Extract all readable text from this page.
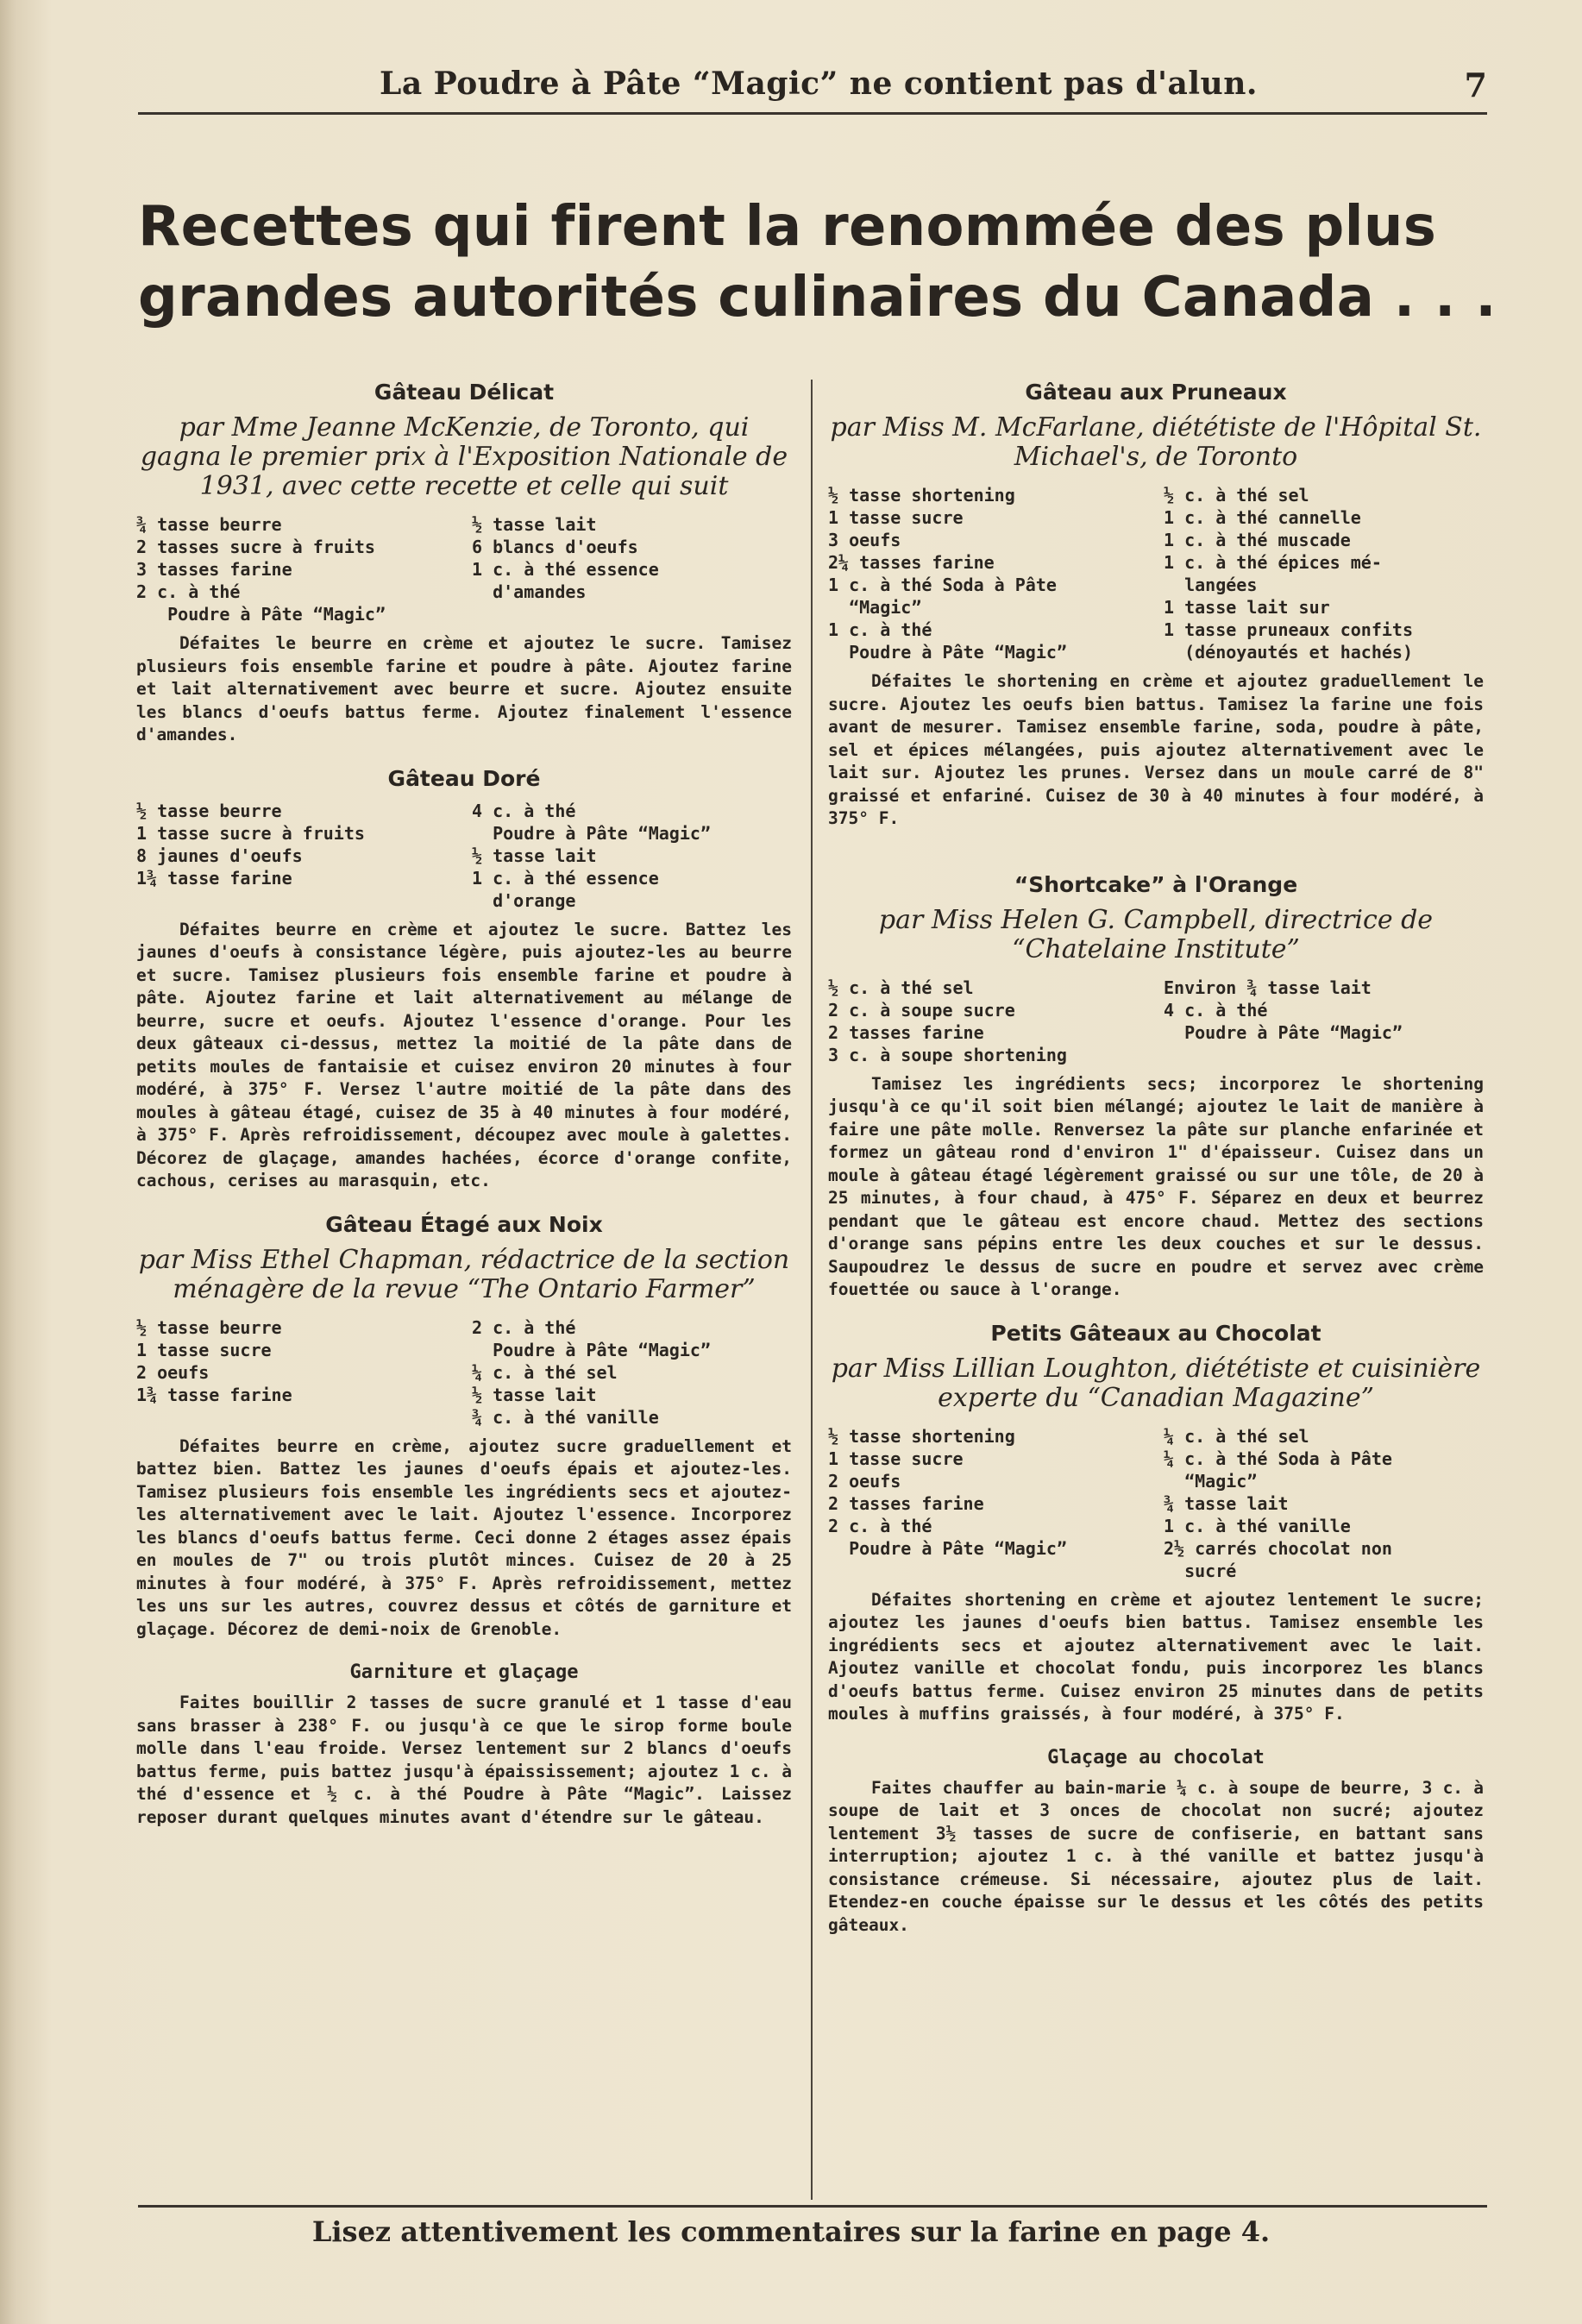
La Poudre à Pâte “Magic” ne contient pas d'alun.	7
Recettes qui firent la renommée des plus grandes autorités culinaires du Canada . . .
Gâteau Délicat
par Mme Jeanne McKenzie, de Toronto, qui gagna le premier prix à l'Exposition Nationale de 1931, avec cette recette et celle qui suit
¾ tasse beurre
2 tasses sucre à fruits
3 tasses farine
2 c. à thé
Poudre à Pâte “Magic”
½ tasse lait
6 blancs d'oeufs
1 c. à thé essence
d'amandes

Défaites le beurre en crème et ajoutez le sucre. Tamisez plusieurs fois ensemble farine et poudre à pâte. Ajoutez farine et lait alternativement avec beurre et sucre. Ajoutez ensuite les blancs d'oeufs battus ferme. Ajoutez finalement l'essence d'amandes.

Gâteau Doré
½ tasse beurre
1 tasse sucre à fruits
8 jaunes d'oeufs
1¾ tasse farine
4 c. à thé
Poudre à Pâte “Magic”
½ tasse lait
1 c. à thé essence
d'orange

Défaites beurre en crème et ajoutez le sucre. Battez les jaunes d'oeufs à consistance légère, puis ajoutez-les au beurre et sucre. Tamisez plusieurs fois ensemble farine et poudre à pâte. Ajoutez farine et lait alternativement au mélange de beurre, sucre et oeufs. Ajoutez l'essence d'orange. Pour les deux gâteaux ci-dessus, mettez la moitié de la pâte dans de petits moules de fantaisie et cuisez environ 20 minutes à four modéré, à 375° F. Versez l'autre moitié de la pâte dans des moules à gâteau étagé, cuisez de 35 à 40 minutes à four modéré, à 375° F. Après refroidissement, découpez avec moule à galettes. Décorez de glaçage, amandes hachées, écorce d'orange confite, cachous, cerises au marasquin, etc.

Gâteau Étagé aux Noix
par Miss Ethel Chapman, rédactrice de la section ménagère de la revue “The Ontario Farmer”
½ tasse beurre
1 tasse sucre
2 oeufs
1¾ tasse farine
2 c. à thé
Poudre à Pâte “Magic”
¼ c. à thé sel
½ tasse lait
¾ c. à thé vanille

Défaites beurre en crème, ajoutez sucre graduellement et battez bien. Battez les jaunes d'oeufs épais et ajoutez-les. Tamisez plusieurs fois ensemble les ingrédients secs et ajoutez-les alternativement avec le lait. Ajoutez l'essence. Incorporez les blancs d'oeufs battus ferme. Ceci donne 2 étages assez épais en moules de 7" ou trois plutôt minces. Cuisez de 20 à 25 minutes à four modéré, à 375° F. Après refroidissement, mettez les uns sur les autres, couvrez dessus et côtés de garniture et glaçage. Décorez de demi-noix de Grenoble.

Garniture et glaçage

Faites bouillir 2 tasses de sucre granulé et 1 tasse d'eau sans brasser à 238° F. ou jusqu'à ce que le sirop forme boule molle dans l'eau froide. Versez lentement sur 2 blancs d'oeufs battus ferme, puis battez jusqu'à épaississement; ajoutez 1 c. à thé d'essence et ½ c. à thé Poudre à Pâte “Magic”. Laissez reposer durant quelques minutes avant d'étendre sur le gâteau.

Gâteau aux Pruneaux
par Miss M. McFarlane, diététiste de l'Hôpital St. Michael's, de Toronto
½ tasse shortening
1 tasse sucre
3 oeufs
2¼ tasses farine
1 c. à thé Soda à Pâte
“Magic”
1 c. à thé
Poudre à Pâte “Magic”
½ c. à thé sel
1 c. à thé cannelle
1 c. à thé muscade
1 c. à thé épices mé-
langées
1 tasse lait sur
1 tasse pruneaux confits
(dénoyautés et hachés)

Défaites le shortening en crème et ajoutez graduellement le sucre. Ajoutez les oeufs bien battus. Tamisez la farine une fois avant de mesurer. Tamisez ensemble farine, soda, poudre à pâte, sel et épices mélangées, puis ajoutez alternativement avec le lait sur. Ajoutez les prunes. Versez dans un moule carré de 8" graissé et enfariné. Cuisez de 30 à 40 minutes à four modéré, à 375° F.

“Shortcake” à l'Orange
par Miss Helen G. Campbell, directrice de “Chatelaine Institute”
½ c. à thé sel
2 c. à soupe sucre
2 tasses farine
3 c. à soupe shortening
Environ ¾ tasse lait
4 c. à thé
Poudre à Pâte “Magic”

Tamisez les ingrédients secs; incorporez le shortening jusqu'à ce qu'il soit bien mélangé; ajoutez le lait de manière à faire une pâte molle. Renversez la pâte sur planche enfarinée et formez un gâteau rond d'environ 1" d'épaisseur. Cuisez dans un moule à gâteau étagé légèrement graissé ou sur une tôle, de 20 à 25 minutes, à four chaud, à 475° F. Séparez en deux et beurrez pendant que le gâteau est encore chaud. Mettez des sections d'orange sans pépins entre les deux couches et sur le dessus. Saupoudrez le dessus de sucre en poudre et servez avec crème fouettée ou sauce à l'orange.

Petits Gâteaux au Chocolat
par Miss Lillian Loughton, diététiste et cuisinière experte du “Canadian Magazine”
½ tasse shortening
1 tasse sucre
2 oeufs
2 tasses farine
2 c. à thé
Poudre à Pâte “Magic”
¼ c. à thé sel
¼ c. à thé Soda à Pâte
“Magic”
¾ tasse lait
1 c. à thé vanille
2½ carrés chocolat non
sucré

Défaites shortening en crème et ajoutez lentement le sucre; ajoutez les jaunes d'oeufs bien battus. Tamisez ensemble les ingrédients secs et ajoutez alternativement avec le lait. Ajoutez vanille et chocolat fondu, puis incorporez les blancs d'oeufs battus ferme. Cuisez environ 25 minutes dans de petits moules à muffins graissés, à four modéré, à 375° F.

Glaçage au chocolat

Faites chauffer au bain-marie ¼ c. à soupe de beurre, 3 c. à soupe de lait et 3 onces de chocolat non sucré; ajoutez lentement 3½ tasses de sucre de confiserie, en battant sans interruption; ajoutez 1 c. à thé vanille et battez jusqu'à consistance crémeuse. Si nécessaire, ajoutez plus de lait. Etendez-en couche épaisse sur le dessus et les côtés des petits gâteaux.

Lisez attentivement les commentaires sur la farine en page 4.
